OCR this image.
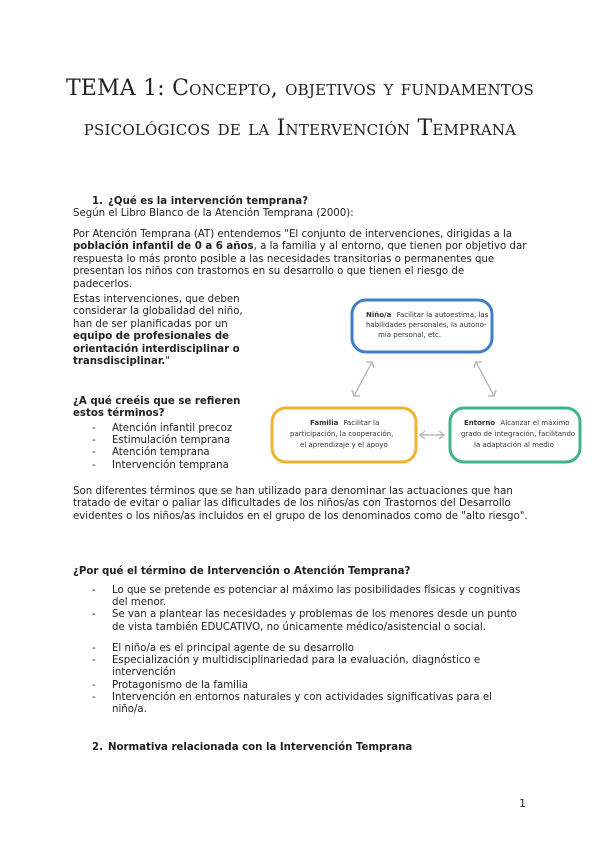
TEMA 1: Concepto, objetivos y fundamentos
psicológicos de la Intervención Temprana
1. ¿Qué es la intervención temprana?
Según el Libro Blanco de la Atención Temprana (2000):
Por Atención Temprana (AT) entendemos "El conjunto de intervenciones, dirigidas a la
población infantil de 0 a 6 años, a la familia y al entorno, que tienen por objetivo dar
respuesta lo más pronto posible a las necesidades transitorias o permanentes que
presentan los niños con trastornos en su desarrollo o que tienen el riesgo de
padecerlos.
Estas intervenciones, que deben considerar la globalidad del niño, han de ser planificadas por un equipo de profesionales de orientación interdisciplinar o transdisciplinar."
¿A qué creéis que se refieren estos términos?
- Atención infantil precoz
- Estimulación temprana
- Atención temprana
- Intervención temprana
Niño/a Facilitar la autoestima, las
habilidades personales, la autono-
mía personal, etc.
Familia Facilitar la
participación, la cooperación,
el aprendizaje y el apoyo
Entorno Alcanzar el máximo
grado de integración, facilitando
la adaptación al medio
Son diferentes términos que se han utilizado para denominar las actuaciones que han tratado de evitar o paliar las dificultades de los niños/as con Trastornos del Desarrollo evidentes o los niños/as incluidos en el grupo de los denominados como de "alto riesgo".
¿Por qué el término de Intervención o Atención Temprana?
- Lo que se pretende es potenciar al máximo las posibilidades físicas y cognitivas del menor.
- Se van a plantear las necesidades y problemas de los menores desde un punto de vista también EDUCATIVO, no únicamente médico/asistencial o social.
- El niño/a es el principal agente de su desarrollo
- Especialización y multidisciplinariedad para la evaluación, diagnóstico e intervención
- Protagonismo de la familia
- Intervención en entornos naturales y con actividades significativas para el niño/a.
2. Normativa relacionada con la Intervención Temprana
1
